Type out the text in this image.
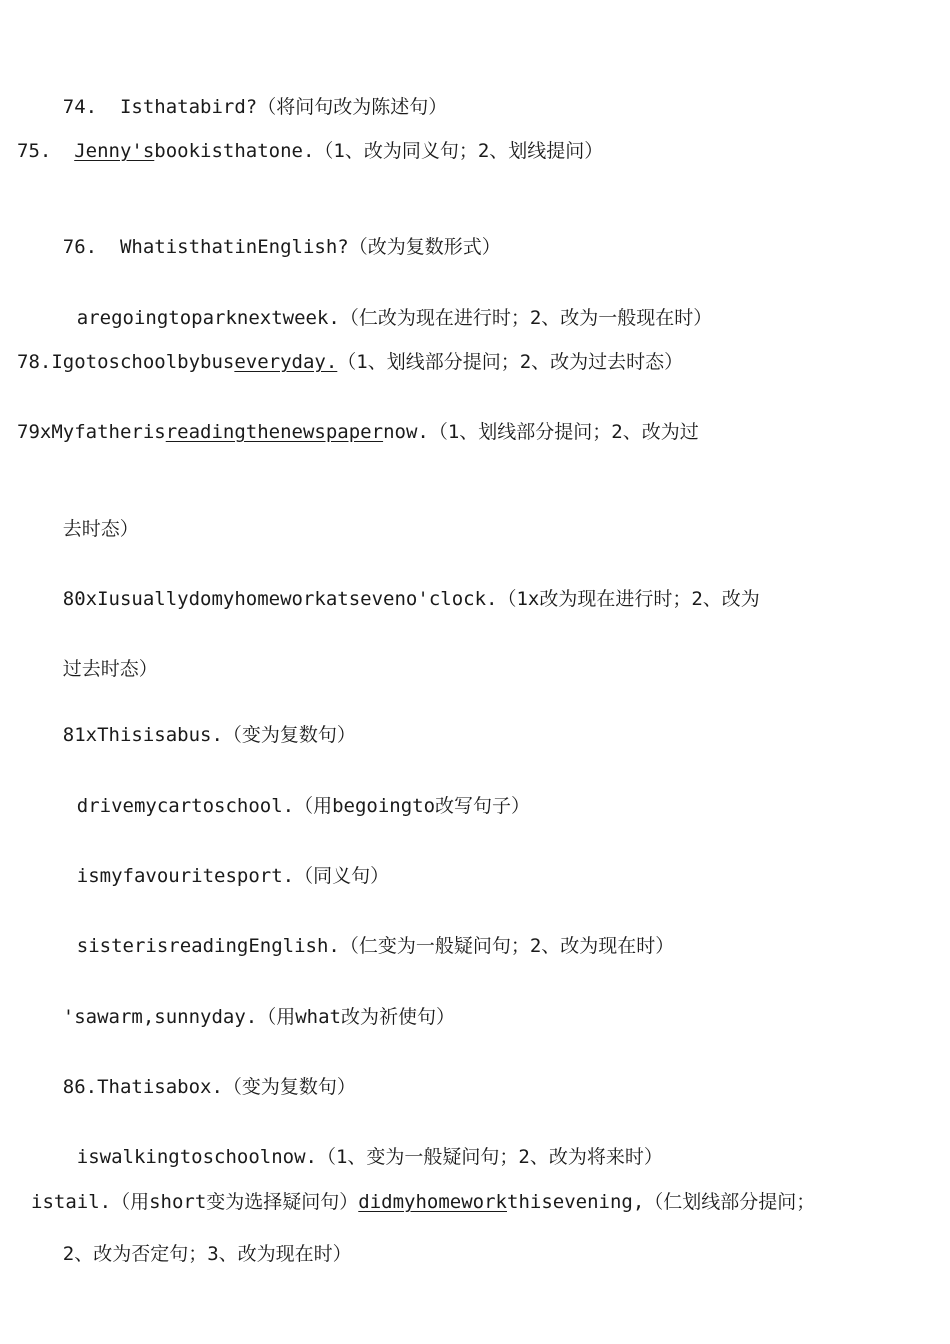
74.  Isthatabird?（将问句改为陈述句）

75.  Jenny'sbookisthatone.（1、改为同义句；2、划线提问）

76.  WhatisthatinEnglish?（改为复数形式）

aregoingtoparknextweek.（仁改为现在进行时；2、改为一般现在时）

78.Igotoschoolbybuseveryday.（1、划线部分提问；2、改为过去时态）
79xMyfatherisreadingthenewspapernow.（1、划线部分提问；2、改为过

去时态）

80xIusuallydomyhomeworkatseveno'clock.（1x改为现在进行时；2、改为

过去时态）

81xThisisabus.（变为复数句）

drivemycartoschool.（用begoingto改写句子）

ismyfavouritesport.（同义句）

sisterisreadingEnglish.（仁变为一般疑问句；2、改为现在时）

'sawarm,sunnyday.（用what改为祈使句）

86.Thatisabox.（变为复数句）

iswalkingtoschoolnow.（1、变为一般疑问句；2、改为将来时）

istail.（用short变为选择疑问句）didmyhomeworkthisevening,（仁划线部分提问；

2、改为否定句；3、改为现在时）
